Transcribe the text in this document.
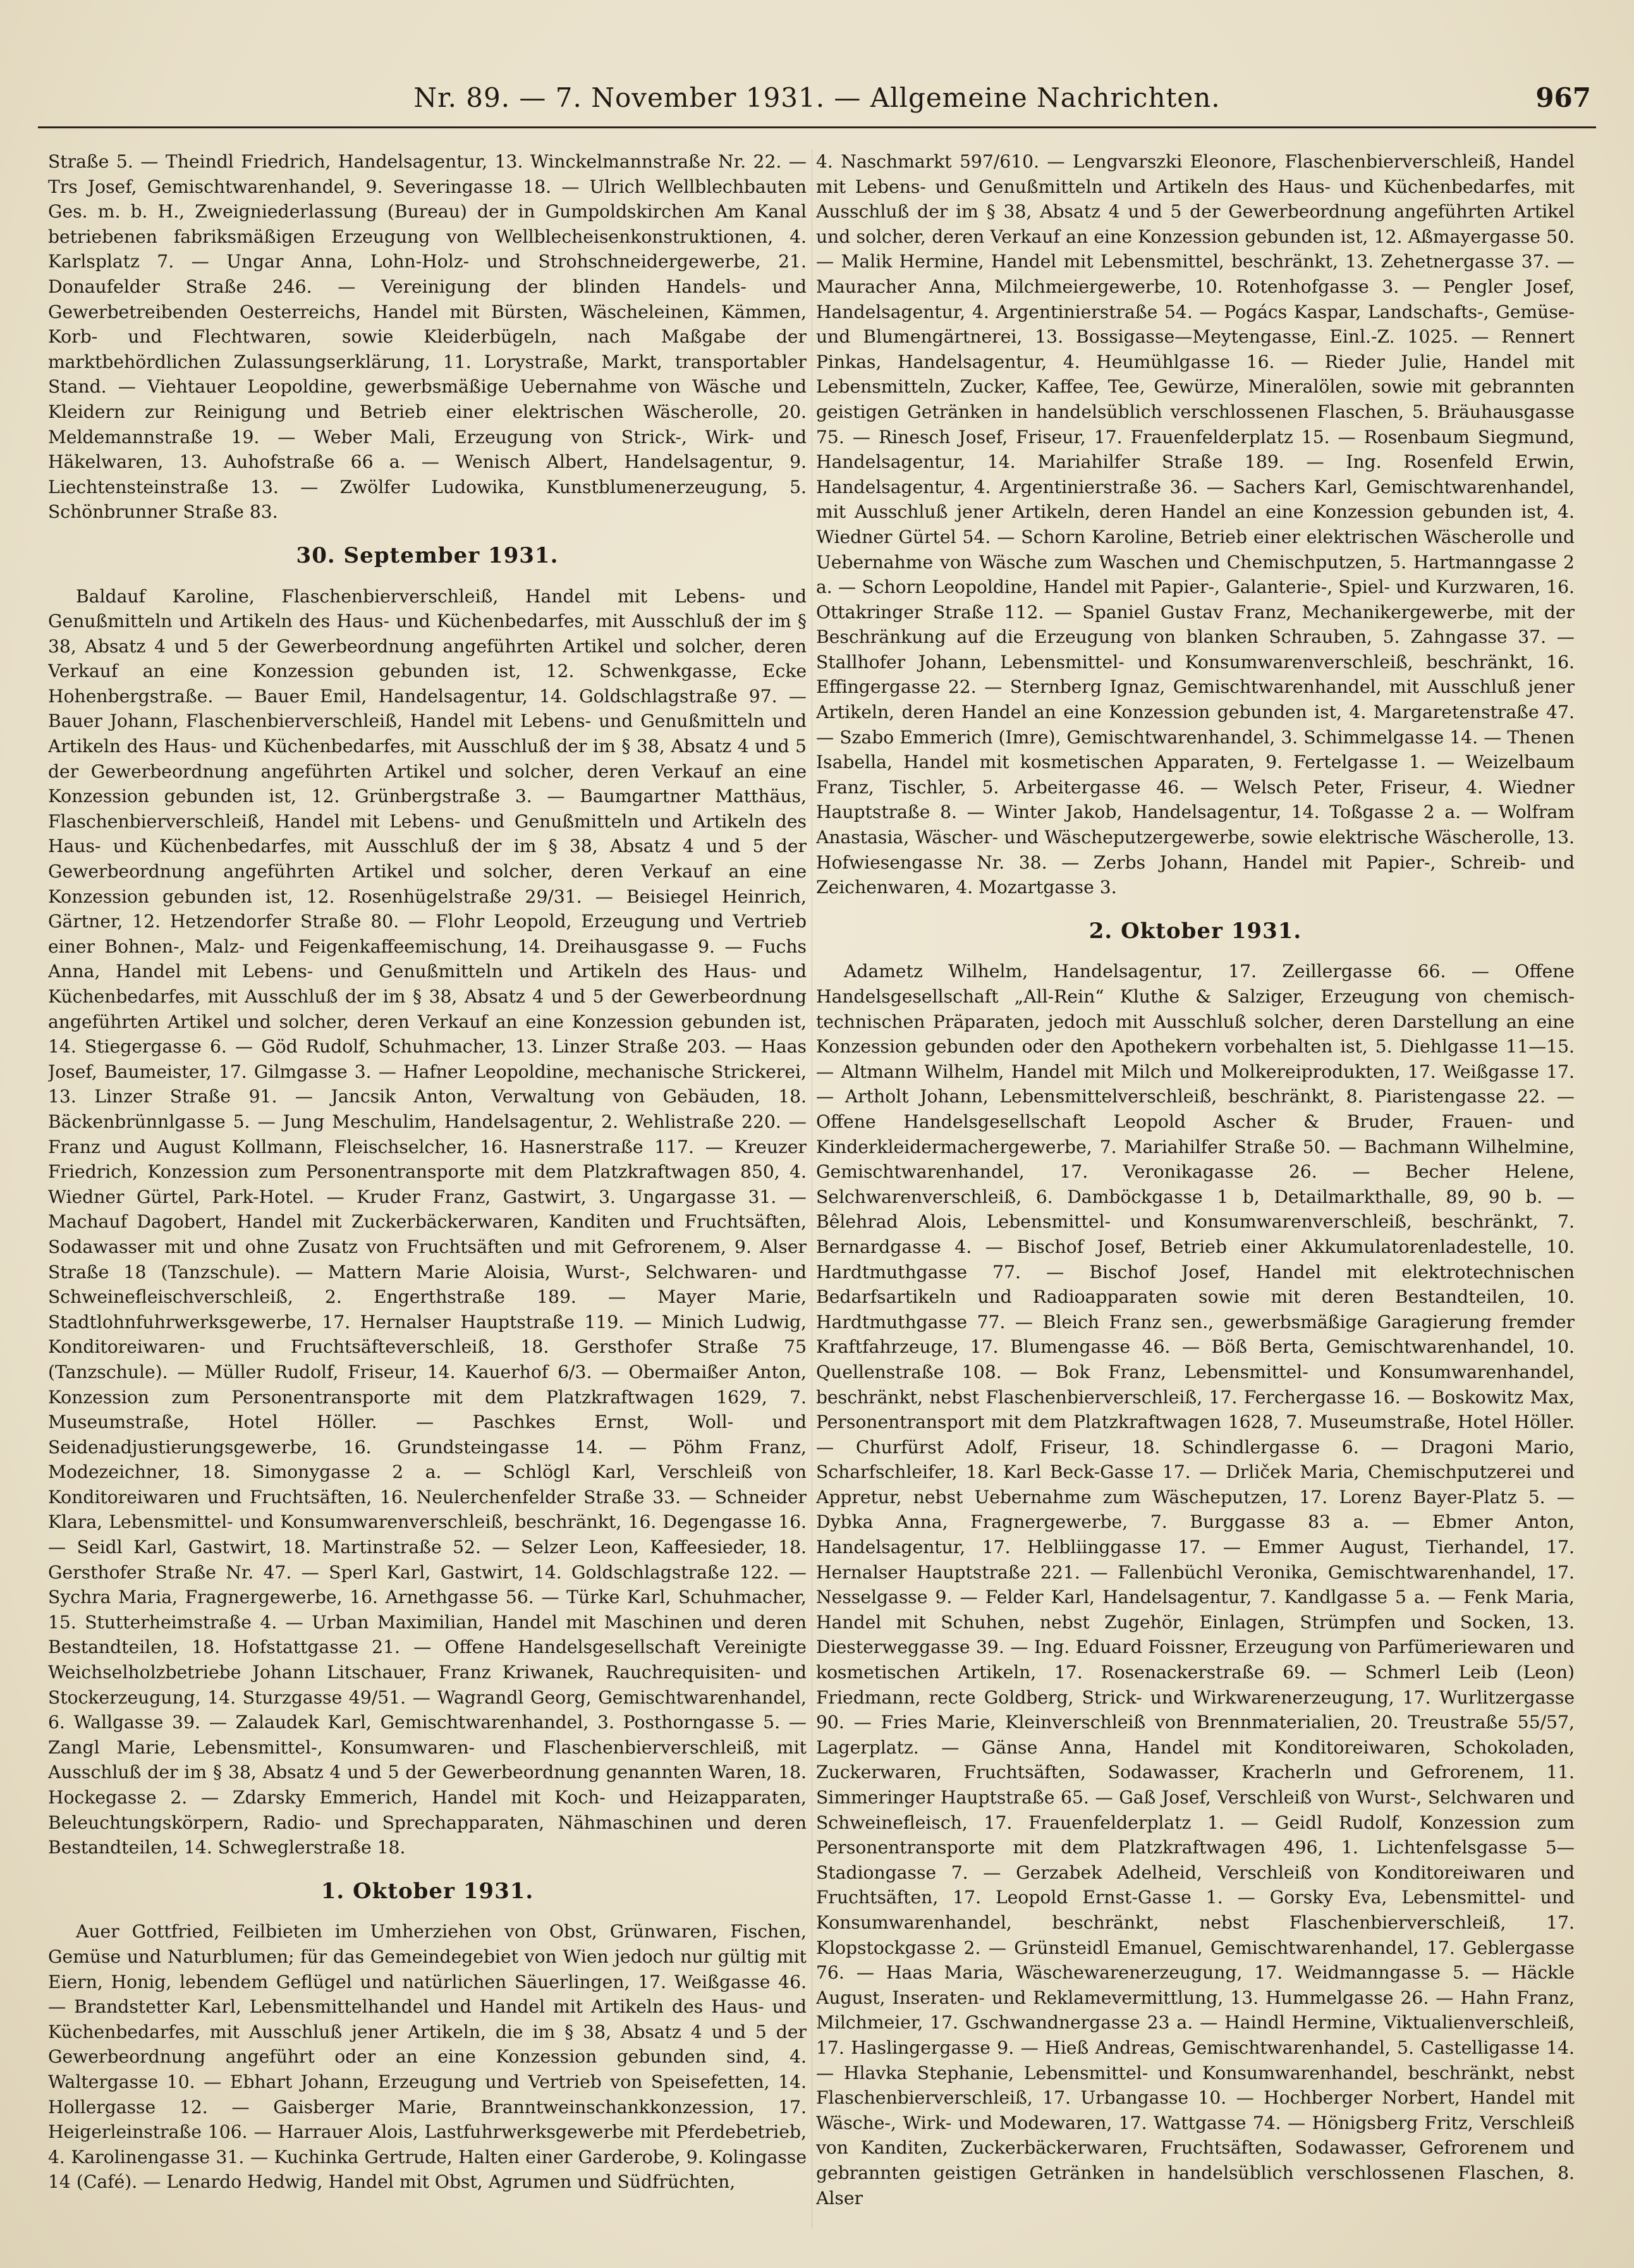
Nr. 89. — 7. November 1931. — Allgemeine Nachrichten.	967

Straße 5. — Theindl Friedrich, Handelsagentur, 13. Winckelmannstraße Nr. 22. — Trs Josef, Gemischtwarenhandel, 9. Severingasse 18. — Ulrich Wellblechbauten Ges. m. b. H., Zweigniederlassung (Bureau) der in Gumpoldskirchen Am Kanal betriebenen fabriksmäßigen Erzeugung von Wellblecheisenkonstruktionen, 4. Karlsplatz 7. — Ungar Anna, Lohn-Holz- und Strohschneidergewerbe, 21. Donaufelder Straße 246. — Vereinigung der blinden Handels- und Gewerbetreibenden Oesterreichs, Handel mit Bürsten, Wäscheleinen, Kämmen, Korb- und Flechtwaren, sowie Kleiderbügeln, nach Maßgabe der marktbehördlichen Zulassungserklärung, 11. Lorystraße, Markt, transportabler Stand. — Viehtauer Leopoldine, gewerbsmäßige Uebernahme von Wäsche und Kleidern zur Reinigung und Betrieb einer elektrischen Wäscherolle, 20. Meldemannstraße 19. — Weber Mali, Erzeugung von Strick-, Wirk- und Häkelwaren, 13. Auhofstraße 66 a. — Wenisch Albert, Handelsagentur, 9. Liechtensteinstraße 13. — Zwölfer Ludowika, Kunstblumenerzeugung, 5. Schönbrunner Straße 83.

30. September 1931.

Baldauf Karoline, Flaschenbierverschleiß, Handel mit Lebens- und Genußmitteln und Artikeln des Haus- und Küchenbedarfes, mit Ausschluß der im § 38, Absatz 4 und 5 der Gewerbeordnung angeführten Artikel und solcher, deren Verkauf an eine Konzession gebunden ist, 12. Schwenkgasse, Ecke Hohenbergstraße. — Bauer Emil, Handelsagentur, 14. Goldschlagstraße 97. — Bauer Johann, Flaschenbierverschleiß, Handel mit Lebens- und Genußmitteln und Artikeln des Haus- und Küchenbedarfes, mit Ausschluß der im § 38, Absatz 4 und 5 der Gewerbeordnung angeführten Artikel und solcher, deren Verkauf an eine Konzession gebunden ist, 12. Grünbergstraße 3. — Baumgartner Matthäus, Flaschenbierverschleiß, Handel mit Lebens- und Genußmitteln und Artikeln des Haus- und Küchenbedarfes, mit Ausschluß der im § 38, Absatz 4 und 5 der Gewerbeordnung angeführten Artikel und solcher, deren Verkauf an eine Konzession gebunden ist, 12. Rosenhügelstraße 29/31. — Beisiegel Heinrich, Gärtner, 12. Hetzendorfer Straße 80. — Flohr Leopold, Erzeugung und Vertrieb einer Bohnen-, Malz- und Feigenkaffeemischung, 14. Dreihausgasse 9. — Fuchs Anna, Handel mit Lebens- und Genußmitteln und Artikeln des Haus- und Küchenbedarfes, mit Ausschluß der im § 38, Absatz 4 und 5 der Gewerbeordnung angeführten Artikel und solcher, deren Verkauf an eine Konzession gebunden ist, 14. Stiegergasse 6. — Göd Rudolf, Schuhmacher, 13. Linzer Straße 203. — Haas Josef, Baumeister, 17. Gilmgasse 3. — Hafner Leopoldine, mechanische Strickerei, 13. Linzer Straße 91. — Jancsik Anton, Verwaltung von Gebäuden, 18. Bäckenbrünnlgasse 5. — Jung Meschulim, Handelsagentur, 2. Wehlistraße 220. — Franz und August Kollmann, Fleischselcher, 16. Hasnerstraße 117. — Kreuzer Friedrich, Konzession zum Personentransporte mit dem Platzkraftwagen 850, 4. Wiedner Gürtel, Park-Hotel. — Kruder Franz, Gastwirt, 3. Ungargasse 31. — Machauf Dagobert, Handel mit Zuckerbäckerwaren, Kanditen und Fruchtsäften, Sodawasser mit und ohne Zusatz von Fruchtsäften und mit Gefrorenem, 9. Alser Straße 18 (Tanzschule). — Mattern Marie Aloisia, Wurst-, Selchwaren- und Schweinefleischverschleiß, 2. Engerthstraße 189. — Mayer Marie, Stadtlohnfuhrwerksgewerbe, 17. Hernalser Hauptstraße 119. — Minich Ludwig, Konditoreiwaren- und Fruchtsäfteverschleiß, 18. Gersthofer Straße 75 (Tanzschule). — Müller Rudolf, Friseur, 14. Kauerhof 6/3. — Obermaißer Anton, Konzession zum Personentransporte mit dem Platzkraftwagen 1629, 7. Museumstraße, Hotel Höller. — Paschkes Ernst, Woll- und Seidenadjustierungsgewerbe, 16. Grundsteingasse 14. — Pöhm Franz, Modezeichner, 18. Simonygasse 2 a. — Schlögl Karl, Verschleiß von Konditoreiwaren und Fruchtsäften, 16. Neulerchenfelder Straße 33. — Schneider Klara, Lebensmittel- und Konsumwarenverschleiß, beschränkt, 16. Degengasse 16. — Seidl Karl, Gastwirt, 18. Martinstraße 52. — Selzer Leon, Kaffeesieder, 18. Gersthofer Straße Nr. 47. — Sperl Karl, Gastwirt, 14. Goldschlagstraße 122. — Sychra Maria, Fragnergewerbe, 16. Arnethgasse 56. — Türke Karl, Schuhmacher, 15. Stutterheimstraße 4. — Urban Maximilian, Handel mit Maschinen und deren Bestandteilen, 18. Hofstattgasse 21. — Offene Handelsgesellschaft Vereinigte Weichselholzbetriebe Johann Litschauer, Franz Kriwanek, Rauchrequisiten- und Stockerzeugung, 14. Sturzgasse 49/51. — Wagrandl Georg, Gemischtwarenhandel, 6. Wallgasse 39. — Zalaudek Karl, Gemischtwarenhandel, 3. Posthorngasse 5. — Zangl Marie, Lebensmittel-, Konsumwaren- und Flaschenbierverschleiß, mit Ausschluß der im § 38, Absatz 4 und 5 der Gewerbeordnung genannten Waren, 18. Hockegasse 2. — Zdarsky Emmerich, Handel mit Koch- und Heizapparaten, Beleuchtungskörpern, Radio- und Sprechapparaten, Nähmaschinen und deren Bestandteilen, 14. Schweglerstraße 18.

1. Oktober 1931.

Auer Gottfried, Feilbieten im Umherziehen von Obst, Grünwaren, Fischen, Gemüse und Naturblumen; für das Gemeindegebiet von Wien jedoch nur gültig mit Eiern, Honig, lebendem Geflügel und natürlichen Säuerlingen, 17. Weißgasse 46. — Brandstetter Karl, Lebensmittelhandel und Handel mit Artikeln des Haus- und Küchenbedarfes, mit Ausschluß jener Artikeln, die im § 38, Absatz 4 und 5 der Gewerbeordnung angeführt oder an eine Konzession gebunden sind, 4. Waltergasse 10. — Ebhart Johann, Erzeugung und Vertrieb von Speisefetten, 14. Hollergasse 12. — Gaisberger Marie, Branntweinschankkonzession, 17. Heigerleinstraße 106. — Harrauer Alois, Lastfuhrwerksgewerbe mit Pferdebetrieb, 4. Karolinengasse 31. — Kuchinka Gertrude, Halten einer Garderobe, 9. Kolingasse 14 (Café). — Lenardo Hedwig, Handel mit Obst, Agrumen und Südfrüchten,

4. Naschmarkt 597/610. — Lengvarszki Eleonore, Flaschenbierverschleiß, Handel mit Lebens- und Genußmitteln und Artikeln des Haus- und Küchenbedarfes, mit Ausschluß der im § 38, Absatz 4 und 5 der Gewerbeordnung angeführten Artikel und solcher, deren Verkauf an eine Konzession gebunden ist, 12. Aßmayergasse 50. — Malik Hermine, Handel mit Lebensmittel, beschränkt, 13. Zehetnergasse 37. — Mauracher Anna, Milchmeiergewerbe, 10. Rotenhofgasse 3. — Pengler Josef, Handelsagentur, 4. Argentinierstraße 54. — Pogács Kaspar, Landschafts-, Gemüse- und Blumengärtnerei, 13. Bossigasse—Meytengasse, Einl.-Z. 1025. — Rennert Pinkas, Handelsagentur, 4. Heumühlgasse 16. — Rieder Julie, Handel mit Lebensmitteln, Zucker, Kaffee, Tee, Gewürze, Mineralölen, sowie mit gebrannten geistigen Getränken in handelsüblich verschlossenen Flaschen, 5. Bräuhausgasse 75. — Rinesch Josef, Friseur, 17. Frauenfelderplatz 15. — Rosenbaum Siegmund, Handelsagentur, 14. Mariahilfer Straße 189. — Ing. Rosenfeld Erwin, Handelsagentur, 4. Argentinierstraße 36. — Sachers Karl, Gemischtwarenhandel, mit Ausschluß jener Artikeln, deren Handel an eine Konzession gebunden ist, 4. Wiedner Gürtel 54. — Schorn Karoline, Betrieb einer elektrischen Wäscherolle und Uebernahme von Wäsche zum Waschen und Chemischputzen, 5. Hartmanngasse 2 a. — Schorn Leopoldine, Handel mit Papier-, Galanterie-, Spiel- und Kurzwaren, 16. Ottakringer Straße 112. — Spaniel Gustav Franz, Mechanikergewerbe, mit der Beschränkung auf die Erzeugung von blanken Schrauben, 5. Zahngasse 37. — Stallhofer Johann, Lebensmittel- und Konsumwarenverschleiß, beschränkt, 16. Effingergasse 22. — Sternberg Ignaz, Gemischtwarenhandel, mit Ausschluß jener Artikeln, deren Handel an eine Konzession gebunden ist, 4. Margaretenstraße 47. — Szabo Emmerich (Imre), Gemischtwarenhandel, 3. Schimmelgasse 14. — Thenen Isabella, Handel mit kosmetischen Apparaten, 9. Fertelgasse 1. — Weizelbaum Franz, Tischler, 5. Arbeitergasse 46. — Welsch Peter, Friseur, 4. Wiedner Hauptstraße 8. — Winter Jakob, Handelsagentur, 14. Toßgasse 2 a. — Wolfram Anastasia, Wäscher- und Wäscheputzergewerbe, sowie elektrische Wäscherolle, 13. Hofwiesengasse Nr. 38. — Zerbs Johann, Handel mit Papier-, Schreib- und Zeichenwaren, 4. Mozartgasse 3.

2. Oktober 1931.

Adametz Wilhelm, Handelsagentur, 17. Zeillergasse 66. — Offene Handelsgesellschaft „All-Rein“ Kluthe & Salziger, Erzeugung von chemisch-technischen Präparaten, jedoch mit Ausschluß solcher, deren Darstellung an eine Konzession gebunden oder den Apothekern vorbehalten ist, 5. Diehlgasse 11—15. — Altmann Wilhelm, Handel mit Milch und Molkereiprodukten, 17. Weißgasse 17. — Artholt Johann, Lebensmittelverschleiß, beschränkt, 8. Piaristengasse 22. — Offene Handelsgesellschaft Leopold Ascher & Bruder, Frauen- und Kinderkleidermachergewerbe, 7. Mariahilfer Straße 50. — Bachmann Wilhelmine, Gemischtwarenhandel, 17. Veronikagasse 26. — Becher Helene, Selchwarenverschleiß, 6. Damböckgasse 1 b, Detailmarkthalle, 89, 90 b. — Bêlehrad Alois, Lebensmittel- und Konsumwarenverschleiß, beschränkt, 7. Bernardgasse 4. — Bischof Josef, Betrieb einer Akkumulatorenladestelle, 10. Hardtmuthgasse 77. — Bischof Josef, Handel mit elektrotechnischen Bedarfsartikeln und Radioapparaten sowie mit deren Bestandteilen, 10. Hardtmuthgasse 77. — Bleich Franz sen., gewerbsmäßige Garagierung fremder Kraftfahrzeuge, 17. Blumengasse 46. — Böß Berta, Gemischtwarenhandel, 10. Quellenstraße 108. — Bok Franz, Lebensmittel- und Konsumwarenhandel, beschränkt, nebst Flaschenbierverschleiß, 17. Ferchergasse 16. — Boskowitz Max, Personentransport mit dem Platzkraftwagen 1628, 7. Museumstraße, Hotel Höller. — Churfürst Adolf, Friseur, 18. Schindlergasse 6. — Dragoni Mario, Scharfschleifer, 18. Karl Beck-Gasse 17. — Drliček Maria, Chemischputzerei und Appretur, nebst Uebernahme zum Wäscheputzen, 17. Lorenz Bayer-Platz 5. — Dybka Anna, Fragnergewerbe, 7. Burggasse 83 a. — Ebmer Anton, Handelsagentur, 17. Helbliinggasse 17. — Emmer August, Tierhandel, 17. Hernalser Hauptstraße 221. — Fallenbüchl Veronika, Gemischtwarenhandel, 17. Nesselgasse 9. — Felder Karl, Handelsagentur, 7. Kandlgasse 5 a. — Fenk Maria, Handel mit Schuhen, nebst Zugehör, Einlagen, Strümpfen und Socken, 13. Diesterweggasse 39. — Ing. Eduard Foissner, Erzeugung von Parfümeriewaren und kosmetischen Artikeln, 17. Rosenackerstraße 69. — Schmerl Leib (Leon) Friedmann, recte Goldberg, Strick- und Wirkwarenerzeugung, 17. Wurlitzergasse 90. — Fries Marie, Kleinverschleiß von Brennmaterialien, 20. Treustraße 55/57, Lagerplatz. — Gänse Anna, Handel mit Konditoreiwaren, Schokoladen, Zuckerwaren, Fruchtsäften, Sodawasser, Kracherln und Gefrorenem, 11. Simmeringer Hauptstraße 65. — Gaß Josef, Verschleiß von Wurst-, Selchwaren und Schweinefleisch, 17. Frauenfelderplatz 1. — Geidl Rudolf, Konzession zum Personentransporte mit dem Platzkraftwagen 496, 1. Lichtenfelsgasse 5—Stadiongasse 7. — Gerzabek Adelheid, Verschleiß von Konditoreiwaren und Fruchtsäften, 17. Leopold Ernst-Gasse 1. — Gorsky Eva, Lebensmittel- und Konsumwarenhandel, beschränkt, nebst Flaschenbierverschleiß, 17. Klopstockgasse 2. — Grünsteidl Emanuel, Gemischtwarenhandel, 17. Geblergasse 76. — Haas Maria, Wäschewarenerzeugung, 17. Weidmanngasse 5. — Häckle August, Inseraten- und Reklamevermittlung, 13. Hummelgasse 26. — Hahn Franz, Milchmeier, 17. Gschwandnergasse 23 a. — Haindl Hermine, Viktualienverschleiß, 17. Haslingergasse 9. — Hieß Andreas, Gemischtwarenhandel, 5. Castelligasse 14. — Hlavka Stephanie, Lebensmittel- und Konsumwarenhandel, beschränkt, nebst Flaschenbierverschleiß, 17. Urbangasse 10. — Hochberger Norbert, Handel mit Wäsche-, Wirk- und Modewaren, 17. Wattgasse 74. — Hönigsberg Fritz, Verschleiß von Kanditen, Zuckerbäckerwaren, Fruchtsäften, Sodawasser, Gefrorenem und gebrannten geistigen Getränken in handelsüblich verschlossenen Flaschen, 8. Alser
